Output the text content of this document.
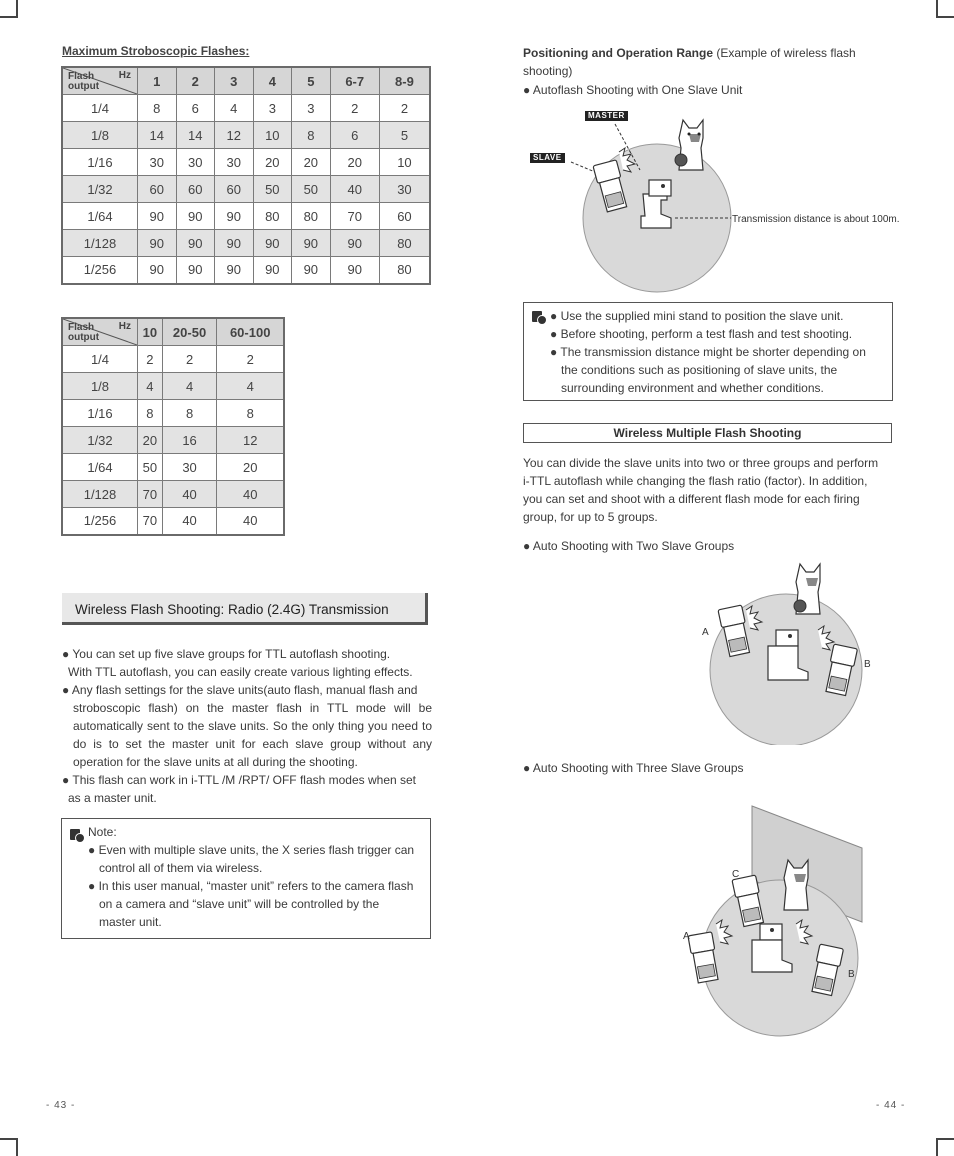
Maximum Stroboscopic Flashes:
Hz
Flash
output	1	2	3	4	5	6-7	8-9
1/4	8	6	4	3	3	2	2
1/8	14	14	12	10	8	6	5
1/16	30	30	30	20	20	20	10
1/32	60	60	60	50	50	40	30
1/64	90	90	90	80	80	70	60
1/128	90	90	90	90	90	90	80
1/256	90	90	90	90	90	90	80
Hz
Flash
output	10	20-50	60-100
1/4	2	2	2
1/8	4	4	4
1/16	8	8	8
1/32	20	16	12
1/64	50	30	20
1/128	70	40	40
1/256	70	40	40
Wireless Flash Shooting: Radio (2.4G) Transmission
● You can set up five slave groups for TTL autoflash shooting.
With TTL autoflash, you can easily create various lighting effects.
● Any flash settings for the slave units(auto flash, manual flash and
stroboscopic flash) on the master flash in TTL mode will be
automatically sent to the slave units. So the only thing you need to
do is to set the master unit for each slave group without any
operation for the slave units at all during the shooting.
● This flash can work in i-TTL /M /RPT/ OFF flash modes when set
as a master unit.
Note:
● Even with multiple slave units, the X series flash trigger can
control all of them via wireless.
● In this user manual, “master unit” refers to the camera flash
on a camera and “slave unit” will be controlled by the
master unit.
- 43 -
Positioning and Operation Range (Example of wireless flash
shooting)
● Autoflash Shooting with One Slave Unit
MASTER
SLAVE
Transmission distance is about 100m.
● Use the supplied mini stand to position the slave unit.
● Before shooting, perform a test flash and test shooting.
● The transmission distance might be shorter depending on
the conditions such as positioning of slave units, the
surrounding environment and whether conditions.
Wireless Multiple Flash Shooting
You can divide the slave units into two or three groups and perform
i-TTL autoflash while changing the flash ratio (factor). In addition,
you can set and shoot with a different flash mode for each firing
group, for up to 5 groups.
● Auto Shooting with Two Slave Groups
A
B
● Auto Shooting with Three Slave Groups
C
A
B
- 44 -
